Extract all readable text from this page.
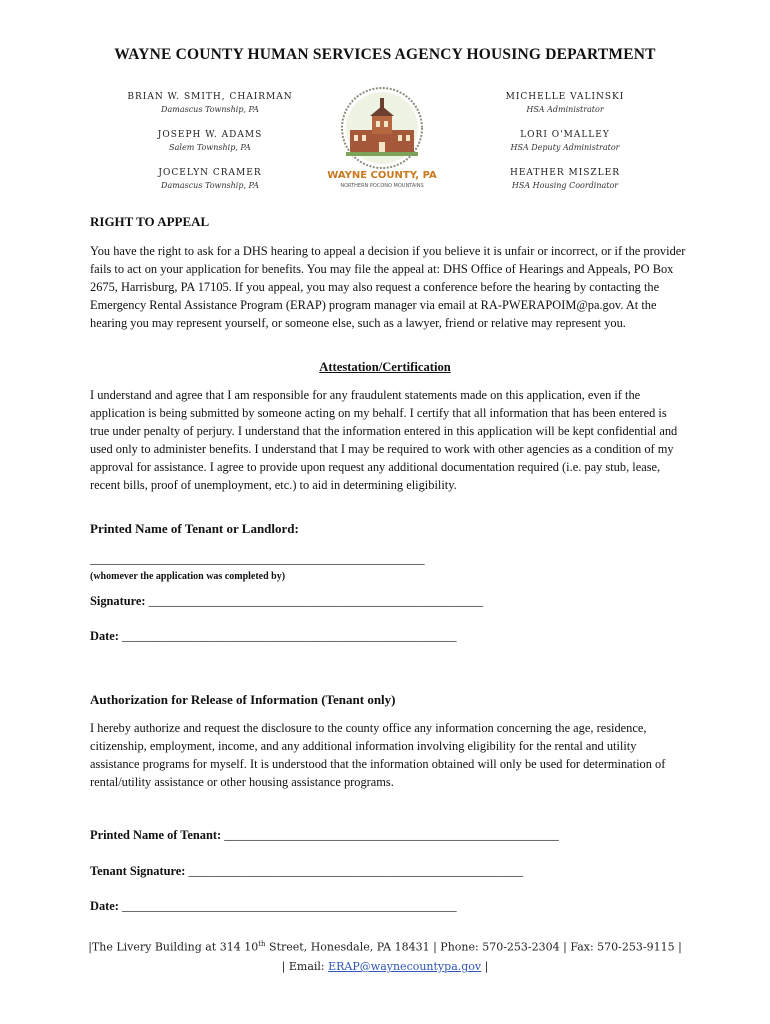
WAYNE COUNTY HUMAN SERVICES AGENCY HOUSING DEPARTMENT
BRIAN W. SMITH, CHAIRMAN
Damascus Township, PA
JOSEPH W. ADAMS
Salem Township, PA
JOCELYN CRAMER
Damascus Township, PA
MICHELLE VALINSKI
HSA Administrator
LORI O'MALLEY
HSA Deputy Administrator
HEATHER MISZLER
HSA Housing Coordinator
WAYNE COUNTY, PA
NORTHERN POCONO MOUNTAINS
RIGHT TO APPEAL
You have the right to ask for a DHS hearing to appeal a decision if you believe it is unfair or incorrect, or if the provider fails to act on your application for benefits. You may file the appeal at: DHS Office of Hearings and Appeals, PO Box 2675, Harrisburg, PA 17105. If you appeal, you may also request a conference before the hearing by contacting the Emergency Rental Assistance Program (ERAP) program manager via email at RA-PWERAPOIM@pa.gov. At the hearing you may represent yourself, or someone else, such as a lawyer, friend or relative may represent you.
Attestation/Certification
I understand and agree that I am responsible for any fraudulent statements made on this application, even if the application is being submitted by someone acting on my behalf. I certify that all information that has been entered is true under penalty of perjury. I understand that the information entered in this application will be kept confidential and used only to administer benefits. I understand that I may be required to work with other agencies as a condition of my approval for assistance. I agree to provide upon request any additional documentation required (i.e. pay stub, lease, recent bills, proof of unemployment, etc.) to aid in determining eligibility.
Printed Name of Tenant or Landlord:
______________________________________________________
(whomever the application was completed by)
Signature: ______________________________________________________
Date: ______________________________________________________
Authorization for Release of Information (Tenant only)
I hereby authorize and request the disclosure to the county office any information concerning the age, residence, citizenship, employment, income, and any additional information involving eligibility for the rental and utility assistance programs for myself. It is understood that the information obtained will only be used for determination of rental/utility assistance or other housing assistance programs.
Printed Name of Tenant: ______________________________________________________
Tenant Signature: ______________________________________________________
Date: ______________________________________________________
|The Livery Building at 314 10th Street, Honesdale, PA 18431 | Phone: 570-253-2304 | Fax: 570-253-9115 |
| Email: ERAP@waynecountypa.gov |
